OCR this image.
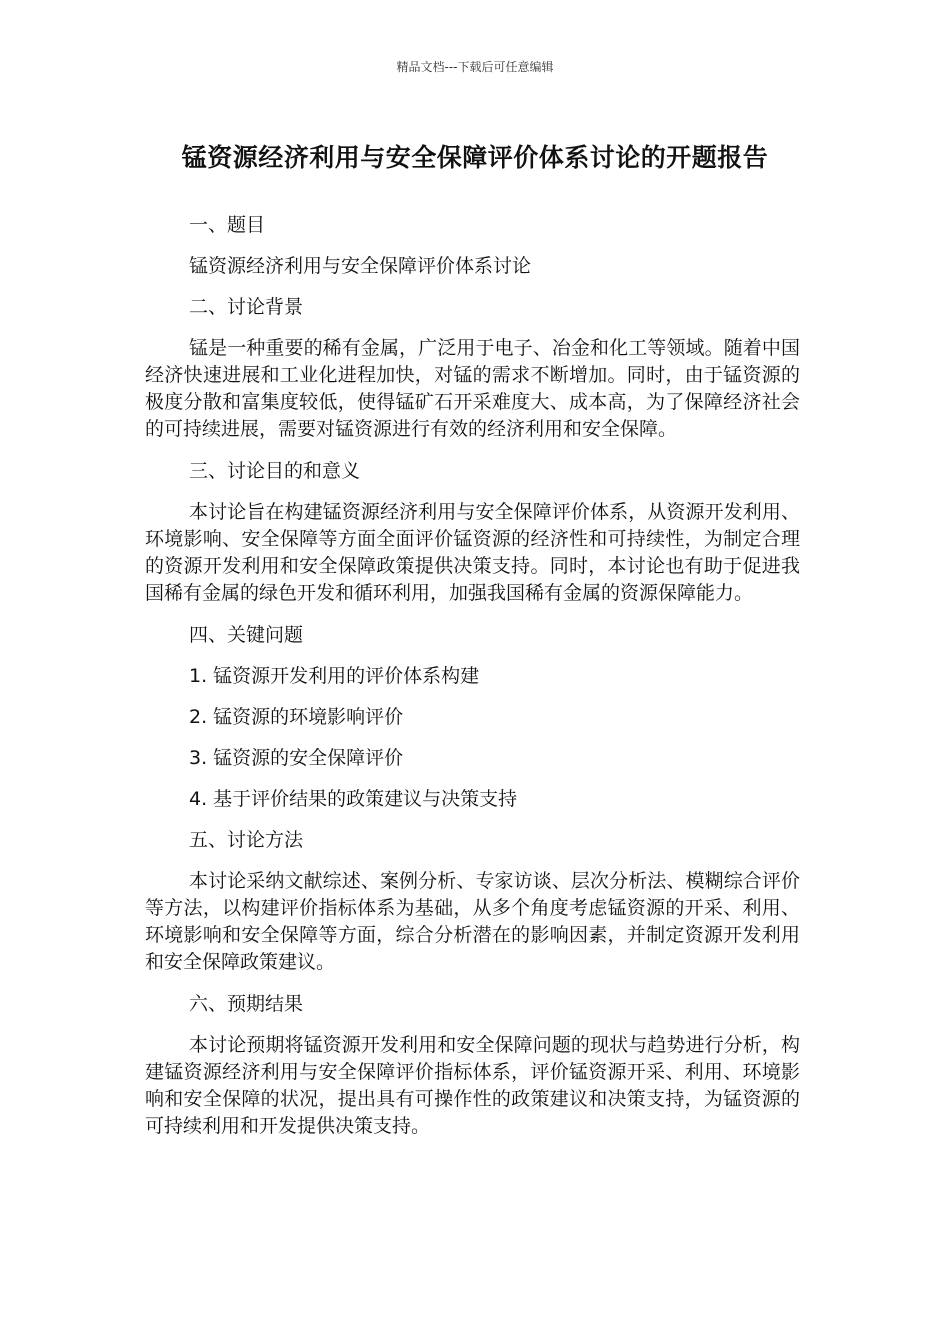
精品文档---下载后可任意编辑
锰资源经济利用与安全保障评价体系讨论的开题报告

一、题目

锰资源经济利用与安全保障评价体系讨论

二、讨论背景

锰是一种重要的稀有金属，广泛用于电子、冶金和化工等领域。随着中国经济快速进展和工业化进程加快，对锰的需求不断增加。同时，由于锰资源的极度分散和富集度较低，使得锰矿石开采难度大、成本高，为了保障经济社会的可持续进展，需要对锰资源进行有效的经济利用和安全保障。

三、讨论目的和意义

本讨论旨在构建锰资源经济利用与安全保障评价体系，从资源开发利用、环境影响、安全保障等方面全面评价锰资源的经济性和可持续性，为制定合理的资源开发利用和安全保障政策提供决策支持。同时，本讨论也有助于促进我国稀有金属的绿色开发和循环利用，加强我国稀有金属的资源保障能力。

四、关键问题

1. 锰资源开发利用的评价体系构建

2. 锰资源的环境影响评价

3. 锰资源的安全保障评价

4. 基于评价结果的政策建议与决策支持

五、讨论方法

本讨论采纳文献综述、案例分析、专家访谈、层次分析法、模糊综合评价等方法，以构建评价指标体系为基础，从多个角度考虑锰资源的开采、利用、环境影响和安全保障等方面，综合分析潜在的影响因素，并制定资源开发利用和安全保障政策建议。

六、预期结果

本讨论预期将锰资源开发利用和安全保障问题的现状与趋势进行分析，构建锰资源经济利用与安全保障评价指标体系，评价锰资源开采、利用、环境影响和安全保障的状况，提出具有可操作性的政策建议和决策支持，为锰资源的可持续利用和开发提供决策支持。
